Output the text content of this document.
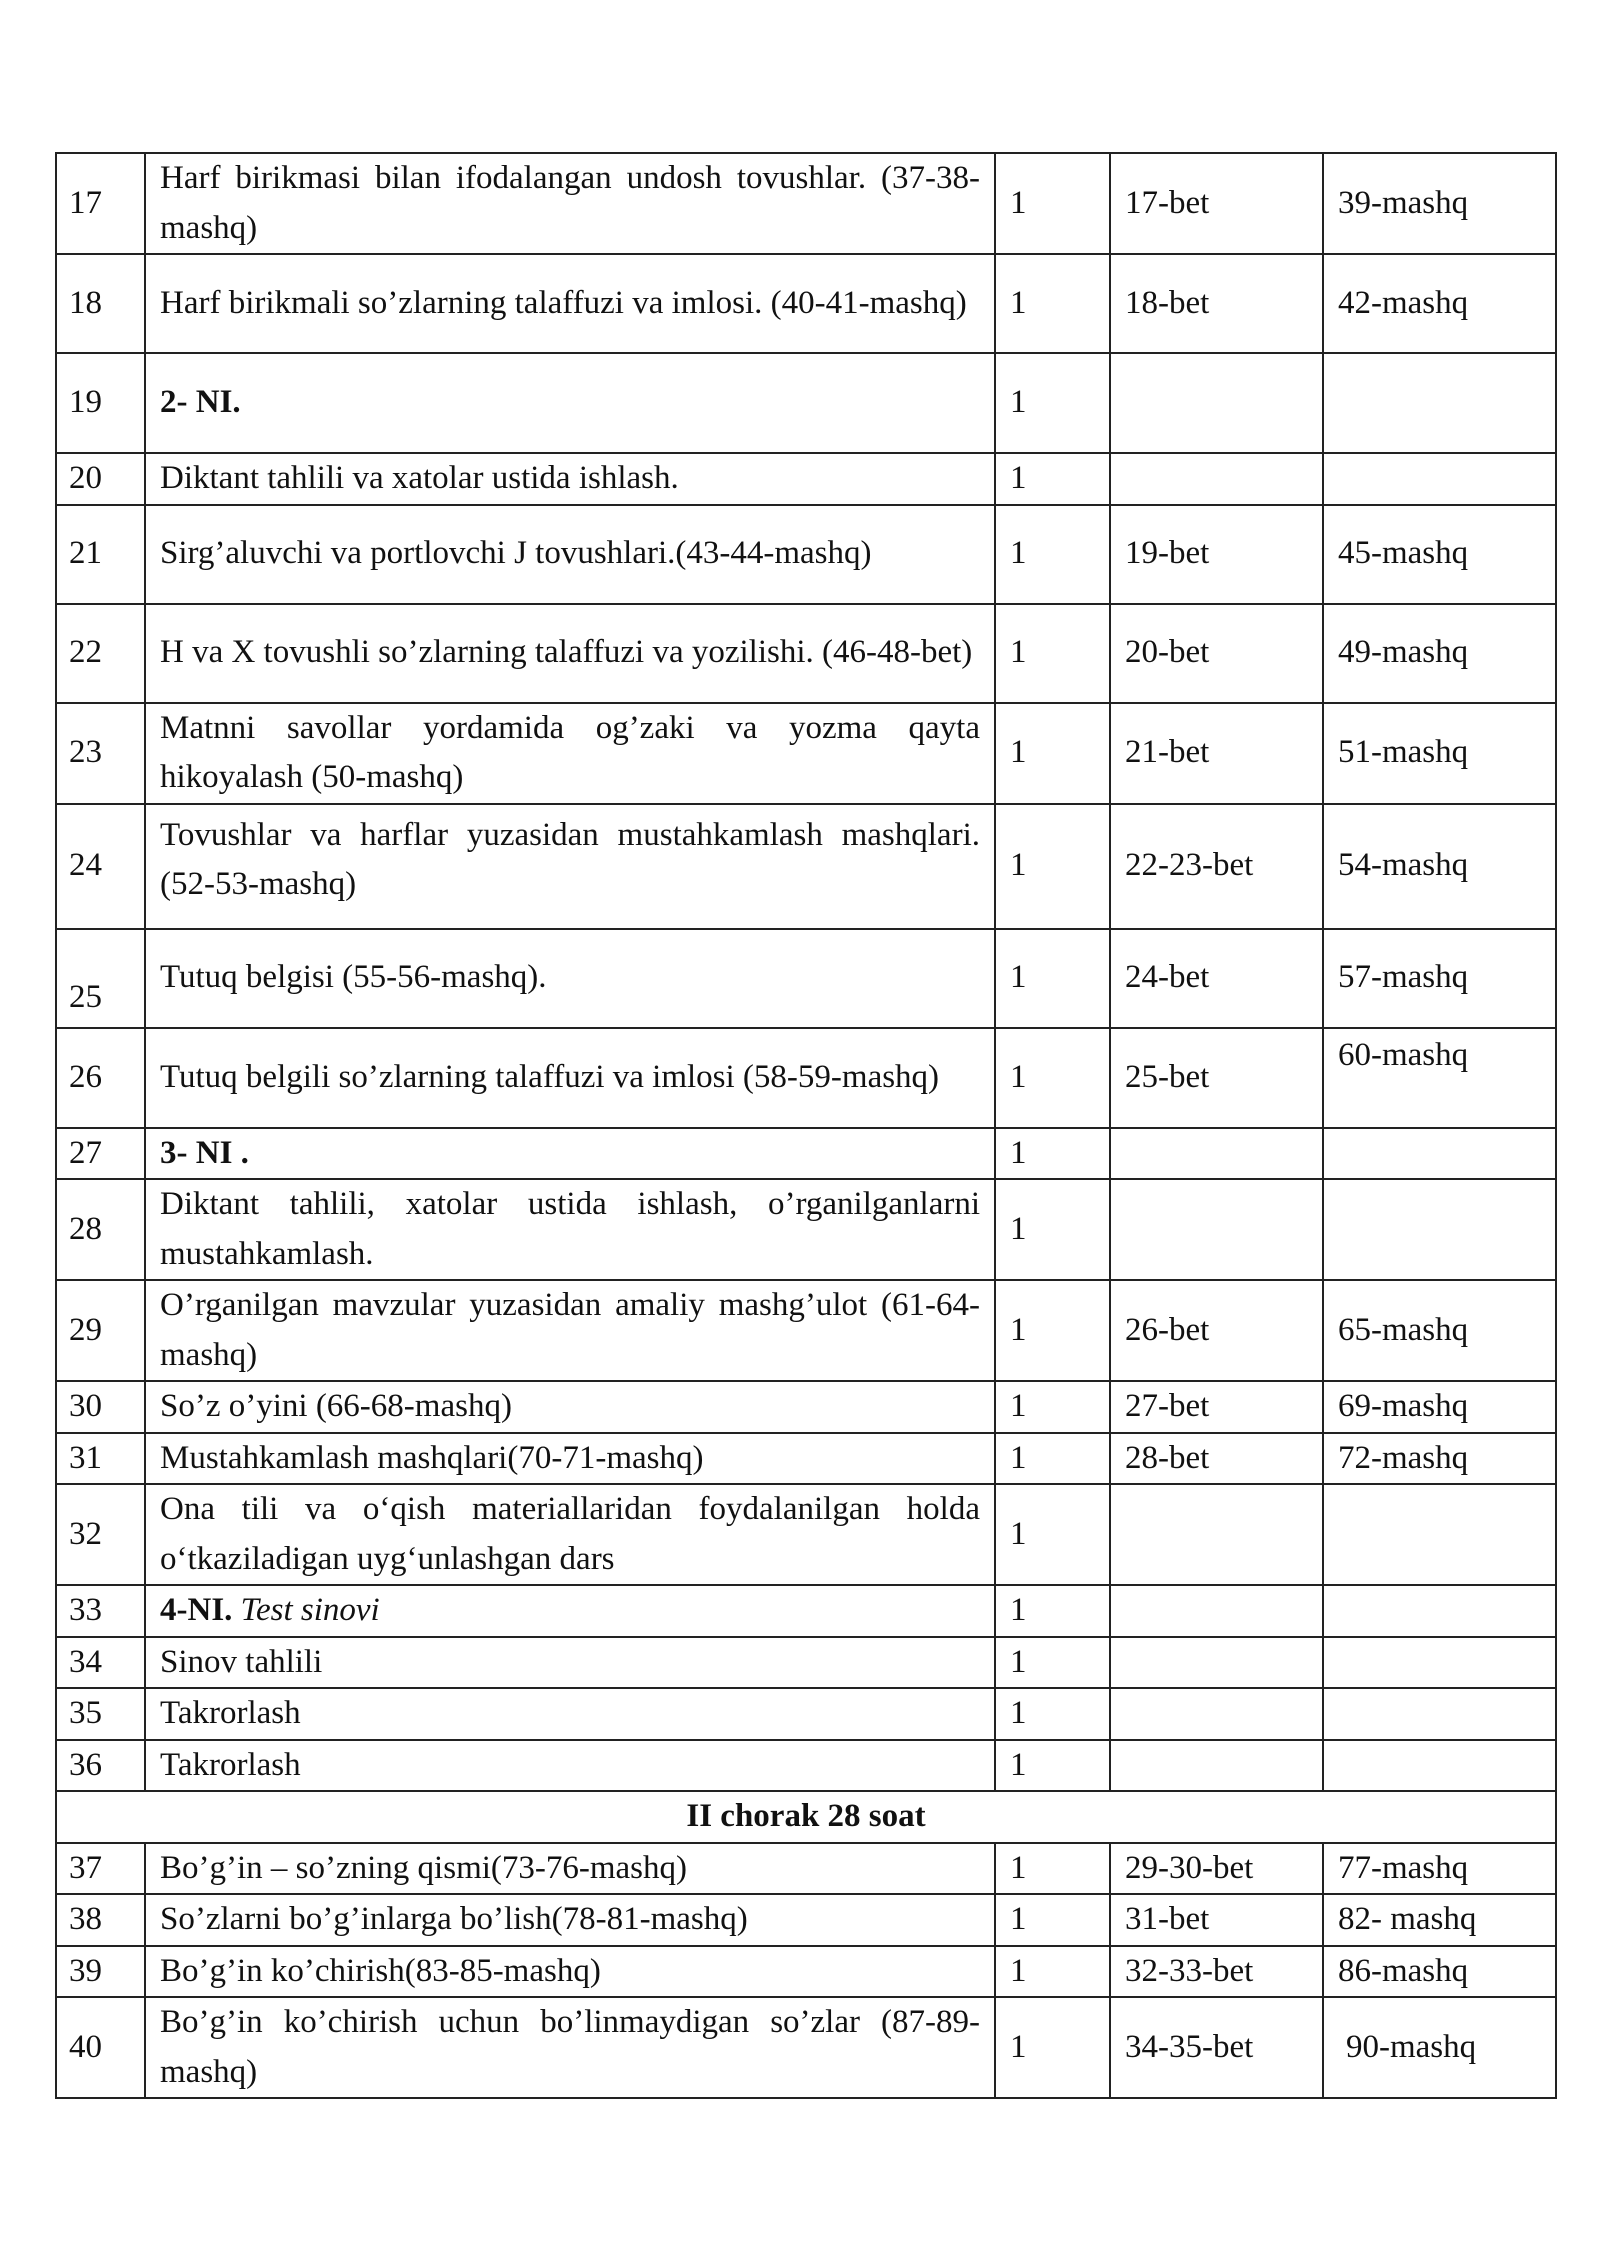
17	Harf birikmasi bilan ifodalangan undosh tovushlar. (37-38-mashq)	1	17-bet	39-mashq
18	Harf birikmali so’zlarning talaffuzi va imlosi. (40-41-mashq)	1	18-bet	42-mashq
19	2- NI.	1		
20	Diktant tahlili va xatolar ustida ishlash.	1		
21	Sirg’aluvchi va portlovchi J tovushlari.(43-44-mashq)	1	19-bet	45-mashq
22	H va X tovushli so’zlarning talaffuzi va yozilishi. (46-48-bet)	1	20-bet	49-mashq
23	Matnni savollar yordamida og’zaki va yozma qayta hikoyalash (50-mashq)	1	21-bet	51-mashq
24	Tovushlar va harflar yuzasidan mustahkamlash mashqlari.(52-53-mashq)	1	22-23-bet	54-mashq
25	Tutuq belgisi (55-56-mashq).	1	24-bet	57-mashq
26	Tutuq belgili so’zlarning talaffuzi va imlosi (58-59-mashq)	1	25-bet	60-mashq
27	3- NI .	1		
28	Diktant tahlili, xatolar ustida ishlash, o’rganilganlarni mustahkamlash.	1		
29	O’rganilgan mavzular yuzasidan amaliy mashg’ulot (61-64-mashq)	1	26-bet	65-mashq
30	So’z o’yini (66-68-mashq)	1	27-bet	69-mashq
31	Mustahkamlash mashqlari(70-71-mashq)	1	28-bet	72-mashq
32	Ona tili va o‘qish materiallaridan foydalanilgan holda o‘tkaziladigan uyg‘unlashgan dars	1		
33	4-NI. Test sinovi	1		
34	Sinov tahlili	1		
35	Takrorlash	1		
36	Takrorlash	1		
II chorak 28 soat				
37	Bo’g’in – so’zning qismi(73-76-mashq)	1	29-30-bet	77-mashq
38	So’zlarni bo’g’inlarga bo’lish(78-81-mashq)	1	31-bet	82- mashq
39	Bo’g’in ko’chirish(83-85-mashq)	1	32-33-bet	86-mashq
40	Bo’g’in ko’chirish uchun bo’linmaydigan so’zlar (87-89-mashq)	1	34-35-bet	90-mashq
